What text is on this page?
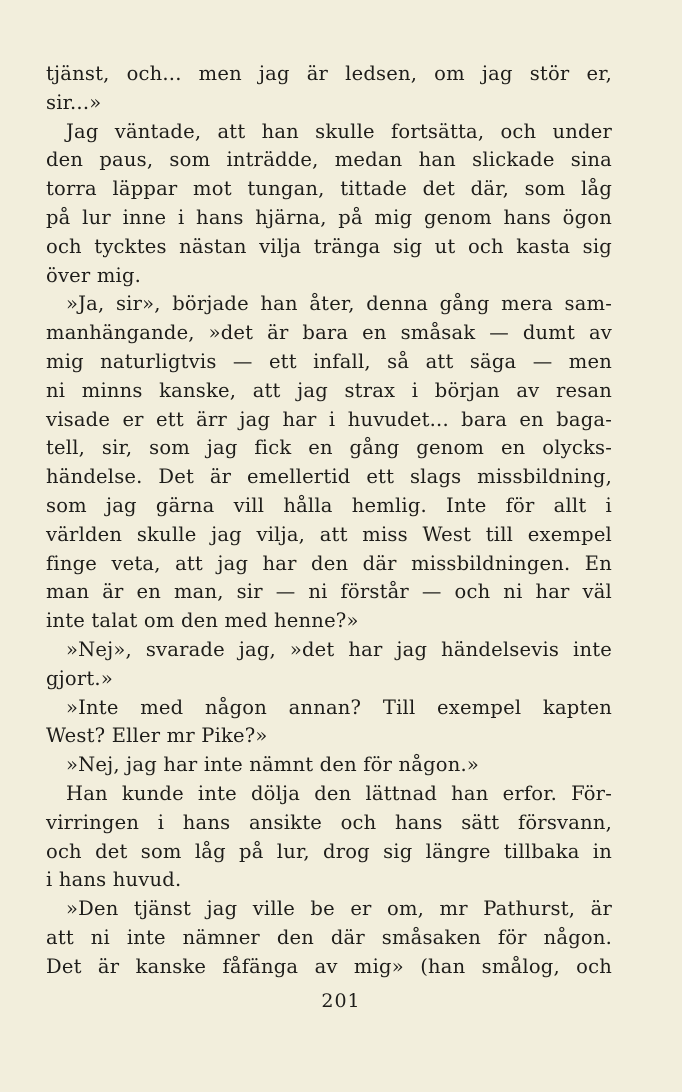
tjänst, och... men jag är ledsen, om jag stör er,
sir...»
Jag väntade, att han skulle fortsätta, och under
den paus, som inträdde, medan han slickade sina
torra läppar mot tungan, tittade det där, som låg
på lur inne i hans hjärna, på mig genom hans ögon
och tycktes nästan vilja tränga sig ut och kasta sig
över mig.
»Ja, sir», började han åter, denna gång mera sam-
manhängande, »det är bara en småsak — dumt av
mig naturligtvis — ett infall, så att säga — men
ni minns kanske, att jag strax i början av resan
visade er ett ärr jag har i huvudet... bara en baga-
tell, sir, som jag fick en gång genom en olycks-
händelse. Det är emellertid ett slags missbildning,
som jag gärna vill hålla hemlig. Inte för allt i
världen skulle jag vilja, att miss West till exempel
finge veta, att jag har den där missbildningen. En
man är en man, sir — ni förstår — och ni har väl
inte talat om den med henne?»
»Nej», svarade jag, »det har jag händelsevis inte
gjort.»
»Inte med någon annan? Till exempel kapten
West? Eller mr Pike?»
»Nej, jag har inte nämnt den för någon.»
Han kunde inte dölja den lättnad han erfor. För-
virringen i hans ansikte och hans sätt försvann,
och det som låg på lur, drog sig längre tillbaka in
i hans huvud.
»Den tjänst jag ville be er om, mr Pathurst, är
att ni inte nämner den där småsaken för någon.
Det är kanske fåfänga av mig» (han smålog, och
201
